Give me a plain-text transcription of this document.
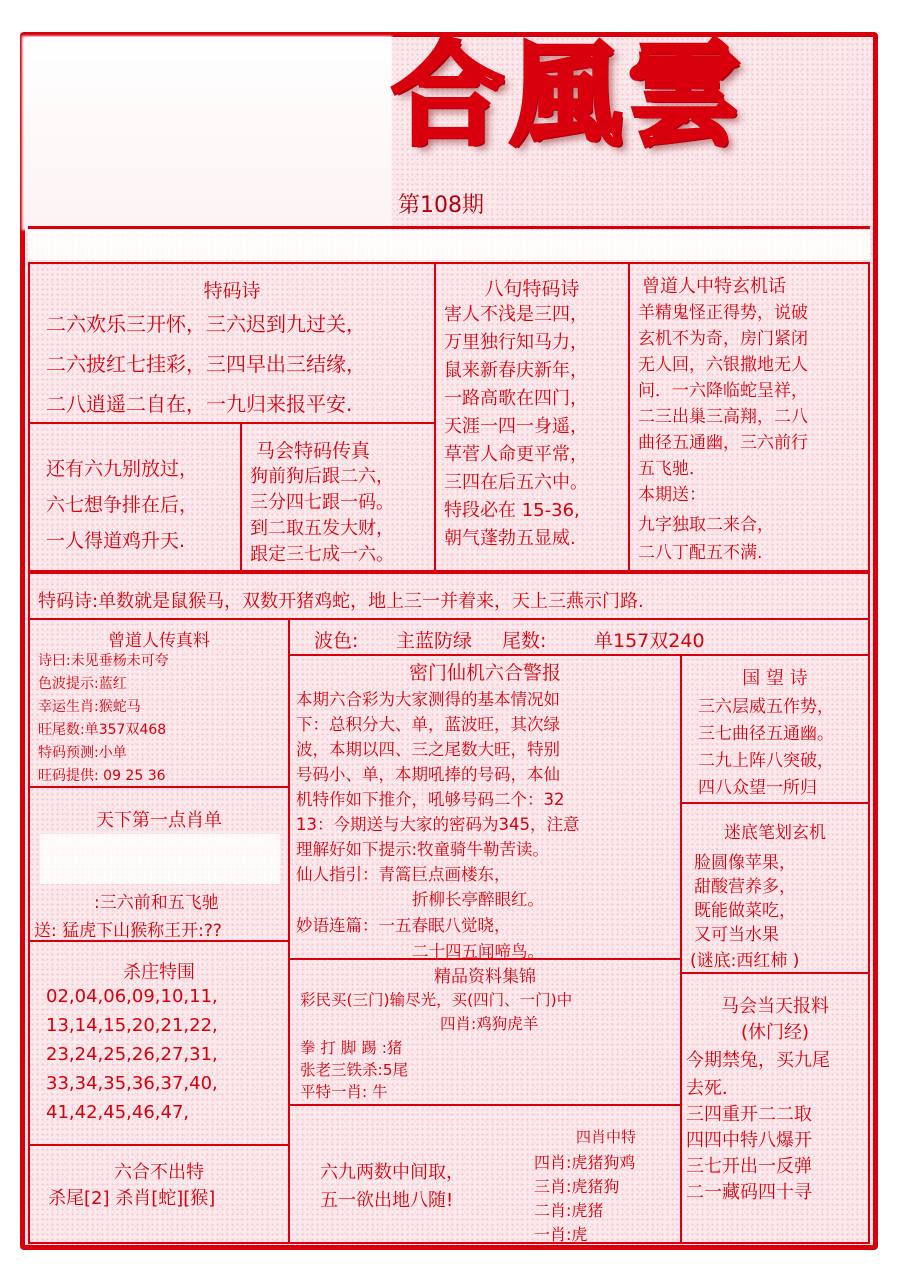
合風雲
第108期
特码诗
二六欢乐三开怀，三六迟到九过关，
二六披红七挂彩，三四早出三结缘，
二八逍遥二自在，一九归来报平安.
还有六九别放过，
六七想争排在后，
一人得道鸡升天.
马会特码传真
狗前狗后跟二六，
三分四七跟一码。
到二取五发大财，
跟定三七成一六。
八句特码诗
害人不浅是三四，
万里独行知马力，
鼠来新春庆新年，
一路高歌在四门，
天涯一四一身遥，
草菅人命更平常，
三四在后五六中。
特段必在 15-36,
朝气蓬勃五显威.
曾道人中特玄机话
羊精鬼怪正得势，说破
玄机不为奇，房门紧闭
无人回，六银撒地无人
问．一六降临蛇呈祥，
二三出巢三高翔，二八
曲径五通幽，三六前行
五飞驰．
本期送：
九字独取二来合，
二八丁配五不满.
特码诗:单数就是鼠猴马，双数开猪鸡蛇，地上三一并着来，天上三燕示门路.
曾道人传真料
诗曰:未见垂杨未可夸
色波提示:蓝红
幸运生肖:猴蛇马
旺尾数:单357双468
特码预测:小单
旺码提供: 09 25 36
天下第一点肖单
:三六前和五飞驰
送: 猛虎下山猴称王开:??
杀庄特围
02,04,06,09,10,11,
13,14,15,20,21,22,
23,24,25,26,27,31,
33,34,35,36,37,40,
41,42,45,46,47,
六合不出特
杀尾[2] 杀肖[蛇][猴]
波色: 主蓝防绿 尾数:	单157双240
密门仙机六合警报
本期六合彩为大家测得的基本情况如
下：总积分大、单，蓝波旺，其次绿
波，本期以四、三之尾数大旺，特别
号码小、单，本期吼捧的号码，本仙
机特作如下推介，吼够号码二个：32
13：今期送与大家的密码为345，注意
理解好如下提示:牧童骑牛勒苦读。
仙人指引：青篙巨点画楼东，
折柳长亭醉眼红。
妙语连篇：一五春眠八觉晓，
二十四五闻啼鸟。
精品资料集锦
彩民买(三门)输尽光，买(四门、一门)中
四肖:鸡狗虎羊
拳 打 脚 踢 :猪
张老三铁杀:5尾
平特一肖: 牛
六九两数中间取，
五一欲出地八随!
四肖中特
四肖:虎猪狗鸡
三肖:虎猪狗
二肖:虎猪
一肖:虎
国 望 诗
三六层威五作势，
三七曲径五通幽。
二九上阵八突破，
四八众望一所归
迷底笔划玄机
脸圆像苹果，
甜酸营养多，
既能做菜吃，
又可当水果
(谜底:西红柿 )
马会当天报料
(休门经)
今期禁兔，买九尾
去死．
三四重开二二取
四四中特八爆开
三七开出一反弹
二一藏码四十寻
